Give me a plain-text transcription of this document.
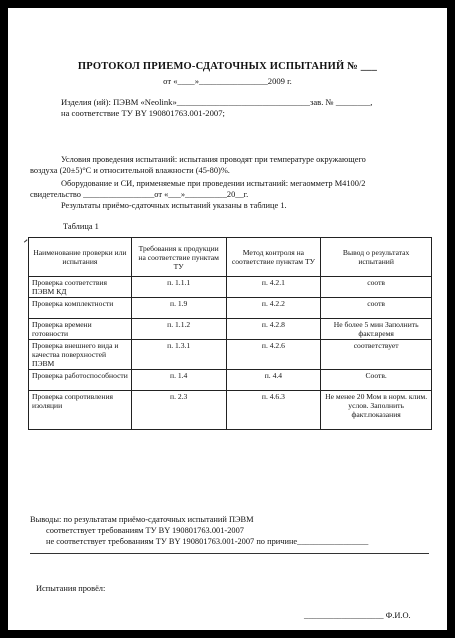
ПРОТОКОЛ ПРИЕМО-СДАТОЧНЫХ ИСПЫТАНИЙ № ___
от «____»________________2009 г.
Изделия (ий): ПЭВМ «Neolink»_______________________________зав. № ________,
на соответствие ТУ BY 190801763.001-2007;
Условия проведения испытаний: испытания проводят при температуре окружающего
воздуха (20±5)°С и относительной влажности (45-80)%.
Оборудование и СИ, применяемые при проведении испытаний: мегаомметр М4100/2
свидетельство _________________от «___»__________20__г.
Результаты приёмо-сдаточных испытаний указаны в таблице 1.
Таблица 1
Наименование проверки или испытания	Требования к продукции на соответствие пунктам ТУ	Метод контроля на соответствие пунктам ТУ	Вывод о результатах испытаний
Проверка соответствия ПЭВМ КД	п. 1.1.1	п. 4.2.1	соотв
Проверка комплектности	п. 1.9	п. 4.2.2	соотв
Проверка времени готовности	п. 1.1.2	п. 4.2.8	Не более 5 мин Заполнить факт.время
Проверка внешнего вида и качества поверхностей ПЭВМ	п. 1.3.1	п. 4.2.6	соответствует
Проверка работоспособности	п. 1.4	п. 4.4	Соотв.
Проверка сопротивления изоляции	п. 2.3	п. 4.6.3	Не менее 20 Мом в норм. клим. услов. Заполнить факт.показания
Выводы: по результатам приёмо-сдаточных испытаний ПЭВМ
соответствует требованиям ТУ BY 190801763.001-2007
не соответствует требованиям ТУ BY 190801763.001-2007 по причине_________________
Испытания провёл:
___________________ Ф.И.О.
